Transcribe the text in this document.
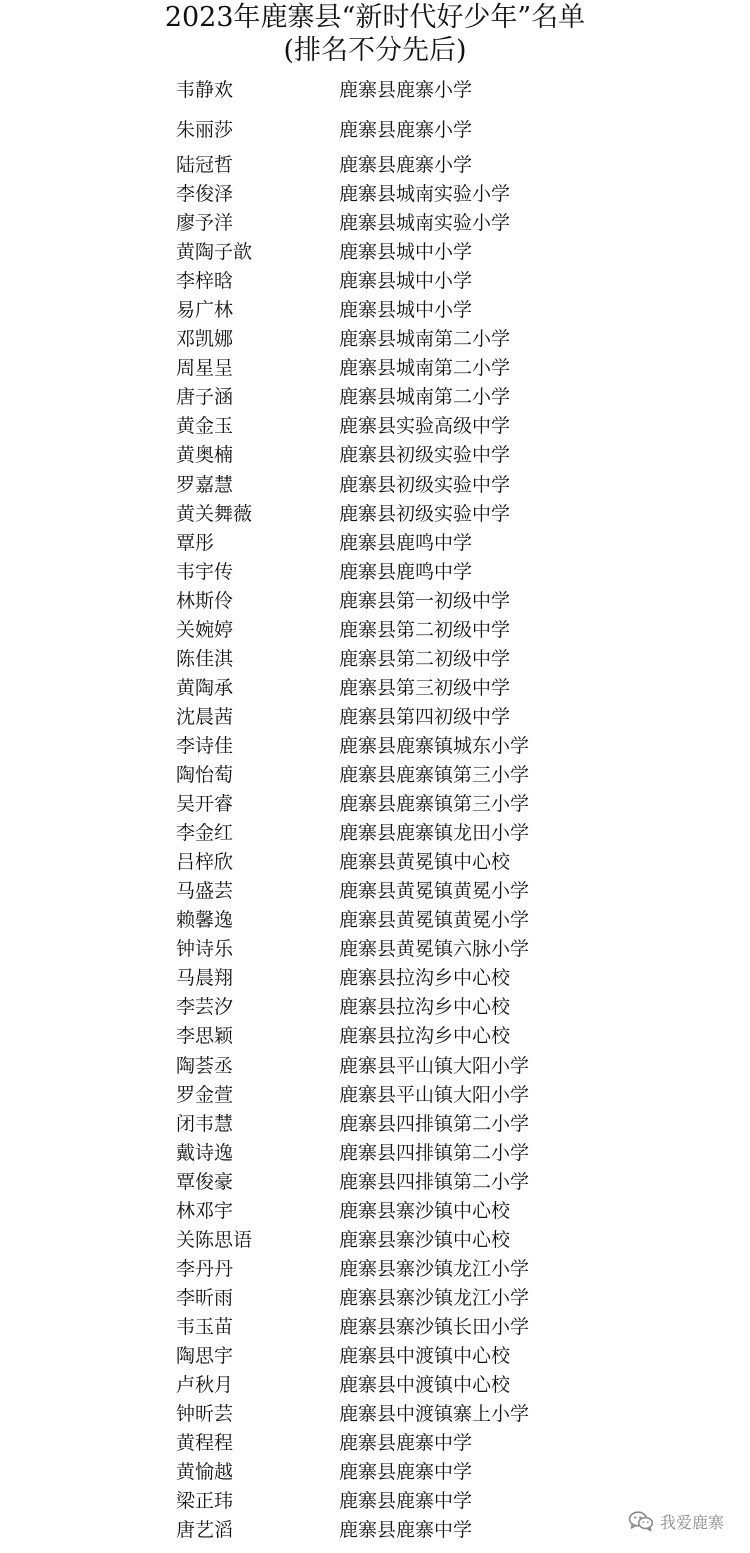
2023年鹿寨县“新时代好少年”名单
(排名不分先后)
韦静欢	鹿寨县鹿寨小学
朱丽莎	鹿寨县鹿寨小学
陆冠哲	鹿寨县鹿寨小学
李俊泽	鹿寨县城南实验小学
廖予洋	鹿寨县城南实验小学
黄陶子歆	鹿寨县城中小学
李梓晗	鹿寨县城中小学
易广林	鹿寨县城中小学
邓凯娜	鹿寨县城南第二小学
周星呈	鹿寨县城南第二小学
唐子涵	鹿寨县城南第二小学
黄金玉	鹿寨县实验高级中学
黄奥楠	鹿寨县初级实验中学
罗嘉慧	鹿寨县初级实验中学
黄关舞薇	鹿寨县初级实验中学
覃彤	鹿寨县鹿鸣中学
韦宇传	鹿寨县鹿鸣中学
林斯伶	鹿寨县第一初级中学
关婉婷	鹿寨县第二初级中学
陈佳淇	鹿寨县第二初级中学
黄陶承	鹿寨县第三初级中学
沈晨茜	鹿寨县第四初级中学
李诗佳	鹿寨县鹿寨镇城东小学
陶怡萄	鹿寨县鹿寨镇第三小学
吴开睿	鹿寨县鹿寨镇第三小学
李金红	鹿寨县鹿寨镇龙田小学
吕梓欣	鹿寨县黄冕镇中心校
马盛芸	鹿寨县黄冕镇黄冕小学
赖馨逸	鹿寨县黄冕镇黄冕小学
钟诗乐	鹿寨县黄冕镇六脉小学
马晨翔	鹿寨县拉沟乡中心校
李芸汐	鹿寨县拉沟乡中心校
李思颖	鹿寨县拉沟乡中心校
陶荟丞	鹿寨县平山镇大阳小学
罗金萱	鹿寨县平山镇大阳小学
闭韦慧	鹿寨县四排镇第二小学
戴诗逸	鹿寨县四排镇第二小学
覃俊豪	鹿寨县四排镇第二小学
林邓宇	鹿寨县寨沙镇中心校
关陈思语	鹿寨县寨沙镇中心校
李丹丹	鹿寨县寨沙镇龙江小学
李昕雨	鹿寨县寨沙镇龙江小学
韦玉苗	鹿寨县寨沙镇长田小学
陶思宇	鹿寨县中渡镇中心校
卢秋月	鹿寨县中渡镇中心校
钟昕芸	鹿寨县中渡镇寨上小学
黄程程	鹿寨县鹿寨中学
黄愉越	鹿寨县鹿寨中学
梁正玮	鹿寨县鹿寨中学
唐艺滔	鹿寨县鹿寨中学	我爱鹿寨
